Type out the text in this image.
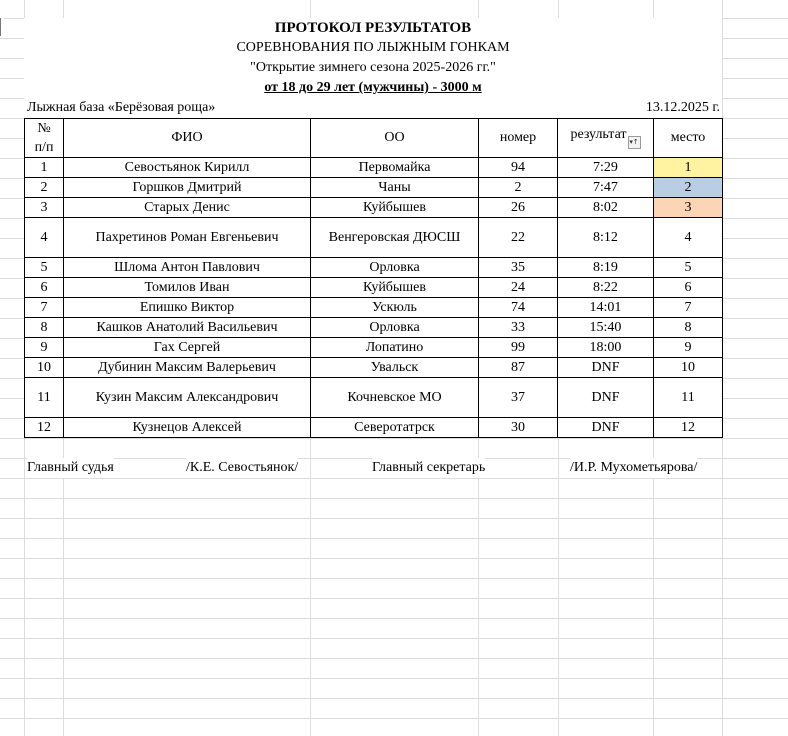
ПРОТОКОЛ РЕЗУЛЬТАТОВ
СОРЕВНОВАНИЯ ПО ЛЫЖНЫМ ГОНКАМ
"Открытие зимнего сезона 2025-2026 гг."
от 18 до 29 лет (мужчины) - 3000 м
Лыжная база «Берёзовая роща»	13.12.2025 г.
№
п/п	ФИО	ОО	номер	результат ▾↑	место
1	Севостьянок Кирилл	Первомайка	94	7:29	1
2	Горшков Дмитрий	Чаны	2	7:47	2
3	Старых Денис	Куйбышев	26	8:02	3
4	Пахретинов Роман Евгеньевич	Венгеровская ДЮСШ	22	8:12	4
5	Шлома Антон Павлович	Орловка	35	8:19	5
6	Томилов Иван	Куйбышев	24	8:22	6
7	Епишко Виктор	Ускюль	74	14:01	7
8	Кашков Анатолий Васильевич	Орловка	33	15:40	8
9	Гах Сергей	Лопатино	99	18:00	9
10	Дубинин Максим Валерьевич	Увальск	87	DNF	10
11	Кузин Максим Александрович	Кочневское МО	37	DNF	11
12	Кузнецов Алексей	Северотатрск	30	DNF	12
Главный судья	/К.Е. Севостьянок/	Главный секретарь	/И.Р. Мухометьярова/
